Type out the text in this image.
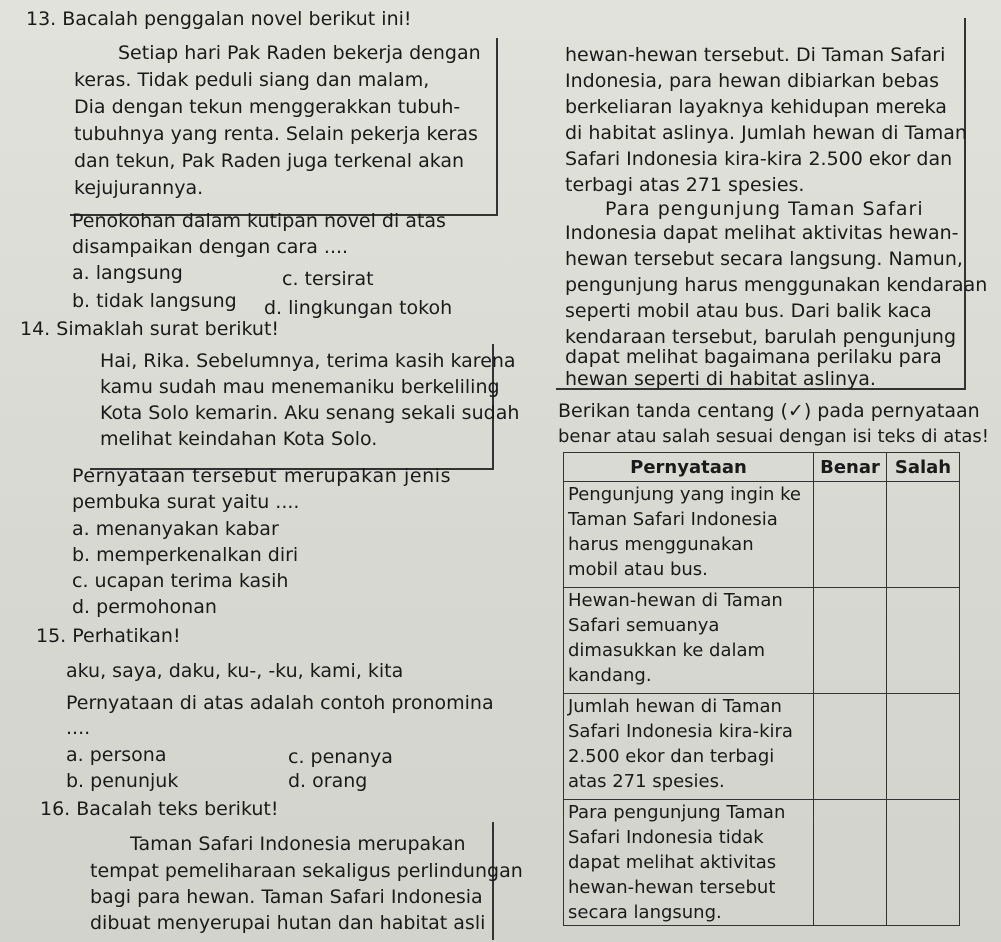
13. Bacalah penggalan novel berikut ini!
Setiap hari Pak Raden bekerja dengan
keras. Tidak peduli siang dan malam,
Dia dengan tekun menggerakkan tubuh-
tubuhnya yang renta. Selain pekerja keras
dan tekun, Pak Raden juga terkenal akan
kejujurannya.
Penokohan dalam kutipan novel di atas
disampaikan dengan cara ....
a. langsung	c. tersirat
b. tidak langsung d. lingkungan tokoh
14. Simaklah surat berikut!
Hai, Rika. Sebelumnya, terima kasih karena
kamu sudah mau menemaniku berkeliling
Kota Solo kemarin. Aku senang sekali sudah
melihat keindahan Kota Solo.
Pernyataan tersebut merupakan jenis
pembuka surat yaitu ....
a. menanyakan kabar
b. memperkenalkan diri
c. ucapan terima kasih
d. permohonan
15. Perhatikan!
aku, saya, daku, ku-, -ku, kami, kita
Pernyataan di atas adalah contoh pronomina
....
a. persona	c. penanya
b. penunjuk	d. orang
16. Bacalah teks berikut!
Taman Safari Indonesia merupakan
tempat pemeliharaan sekaligus perlindungan
bagi para hewan. Taman Safari Indonesia
dibuat menyerupai hutan dan habitat asli
hewan-hewan tersebut. Di Taman Safari
Indonesia, para hewan dibiarkan bebas
berkeliaran layaknya kehidupan mereka
di habitat aslinya. Jumlah hewan di Taman
Safari Indonesia kira-kira 2.500 ekor dan
terbagi atas 271 spesies.
Para pengunjung Taman Safari
Indonesia dapat melihat aktivitas hewan-
hewan tersebut secara langsung. Namun,
pengunjung harus menggunakan kendaraan
seperti mobil atau bus. Dari balik kaca
kendaraan tersebut, barulah pengunjung
dapat melihat bagaimana perilaku para
hewan seperti di habitat aslinya.
Berikan tanda centang (✓) pada pernyataan
benar atau salah sesuai dengan isi teks di atas!
Pernyataan	Benar	Salah

Pengunjung yang ingin ke
Taman Safari Indonesia
harus menggunakan
mobil atau bus.		

Hewan-hewan di Taman
Safari semuanya
dimasukkan ke dalam
kandang.		

Jumlah hewan di Taman
Safari Indonesia kira-kira
2.500 ekor dan terbagi
atas 271 spesies.		

Para pengunjung Taman
Safari Indonesia tidak
dapat melihat aktivitas
hewan-hewan tersebut
secara langsung.		
